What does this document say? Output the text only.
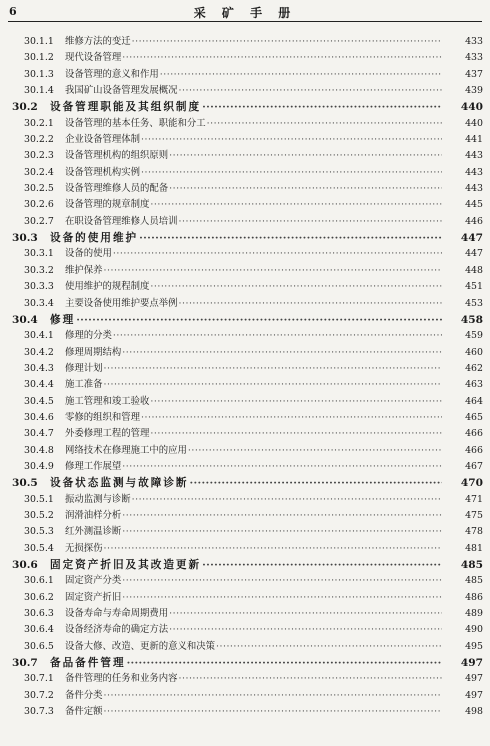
6	采 矿 手 册
30.1.1 维修方法的变迁 ·····	433
30.1.2 现代设备管理 ·····	433
30.1.3 设备管理的意义和作用 ·····	437
30.1.4 我国矿山设备管理发展概况 ·····	439
30.2 设备管理职能及其组织制度 ·····	440
30.2.1 设备管理的基本任务、职能和分工 ·····	440
30.2.2 企业设备管理体制 ·····	441
30.2.3 设备管理机构的组织原则 ·····	443
30.2.4 设备管理机构实例 ·····	443
30.2.5 设备管理维修人员的配备 ·····	443
30.2.6 设备管理的规章制度 ·····	445
30.2.7 在职设备管理维修人员培训 ·····	446
30.3 设备的使用维护 ·····	447
30.3.1 设备的使用 ·····	447
30.3.2 维护保养 ·····	448
30.3.3 使用维护的规程制度 ·····	451
30.3.4 主要设备使用维护要点举例 ·····	453
30.4 修理 ·····	458
30.4.1 修理的分类 ·····	459
30.4.2 修理周期结构 ·····	460
30.4.3 修理计划 ·····	462
30.4.4 施工准备 ·····	463
30.4.5 施工管理和竣工验收 ·····	464
30.4.6 零修的组织和管理 ·····	465
30.4.7 外委修理工程的管理 ·····	466
30.4.8 网络技术在修理施工中的应用 ·····	466
30.4.9 修理工作展望 ·····	467
30.5 设备状态监测与故障诊断 ·····	470
30.5.1 振动监测与诊断 ·····	471
30.5.2 润滑油样分析 ·····	475
30.5.3 红外测温诊断 ·····	478
30.5.4 无损探伤 ·····	481
30.6 固定资产折旧及其改造更新 ·····	485
30.6.1 固定资产分类 ·····	485
30.6.2 固定资产折旧 ·····	486
30.6.3 设备寿命与寿命周期费用 ·····	489
30.6.4 设备经济寿命的确定方法 ·····	490
30.6.5 设备大修、改造、更新的意义和决策 ·····	495
30.7 备品备件管理 ·····	497
30.7.1 备件管理的任务和业务内容 ·····	497
30.7.2 备件分类 ·····	497
30.7.3 备件定额 ·····	498
